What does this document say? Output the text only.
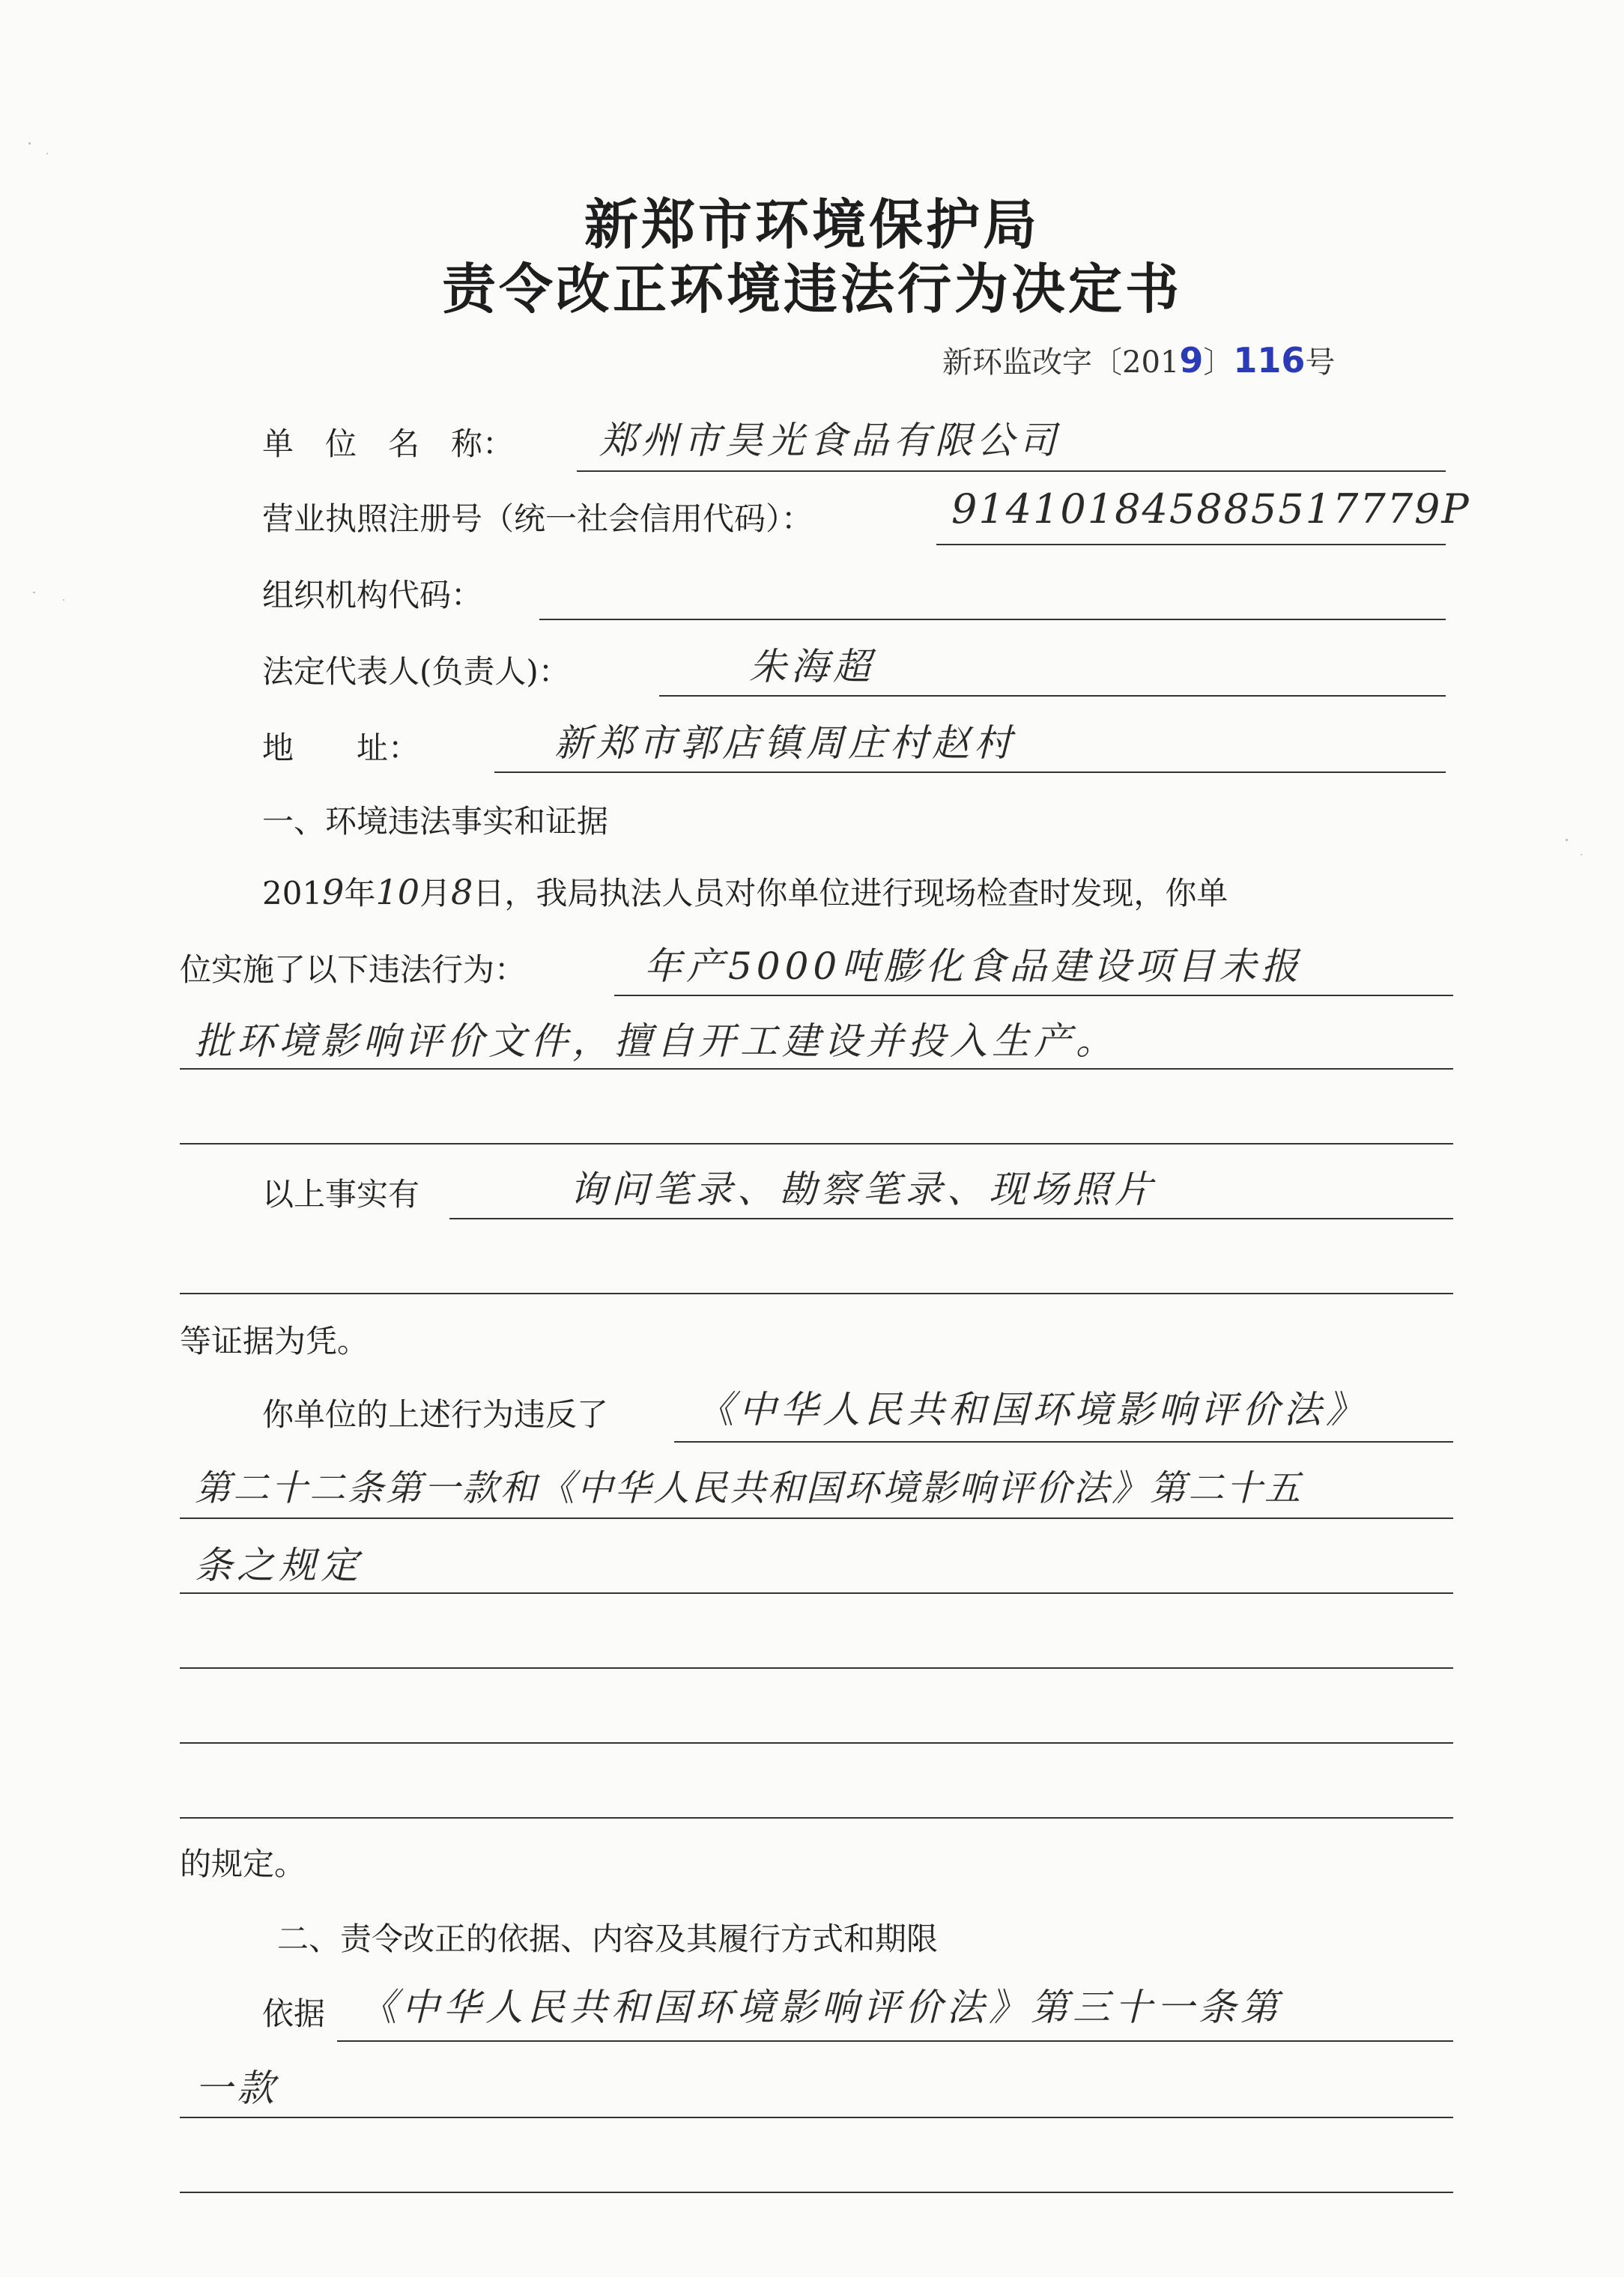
新郑市环境保护局
责令改正环境违法行为决定书
新环监改字〔2019〕116号
单　位　名　称： 郑州市昊光食品有限公司
营业执照注册号（统一社会信用代码）：	914101845885517779P
组织机构代码：
法定代表人(负责人)：	朱海超
地　　址：	新郑市郭店镇周庄村赵村
一、环境违法事实和证据
2019年10月8日，我局执法人员对你单位进行现场检查时发现，你单
位实施了以下违法行为：	年产5000吨膨化食品建设项目未报
批环境影响评价文件，擅自开工建设并投入生产。
以上事实有	询问笔录、勘察笔录、现场照片
等证据为凭。
你单位的上述行为违反了 《中华人民共和国环境影响评价法》
第二十二条第一款和《中华人民共和国环境影响评价法》第二十五
条之规定
的规定。
二、责令改正的依据、内容及其履行方式和期限
依据 《中华人民共和国环境影响评价法》第三十一条第
一款
